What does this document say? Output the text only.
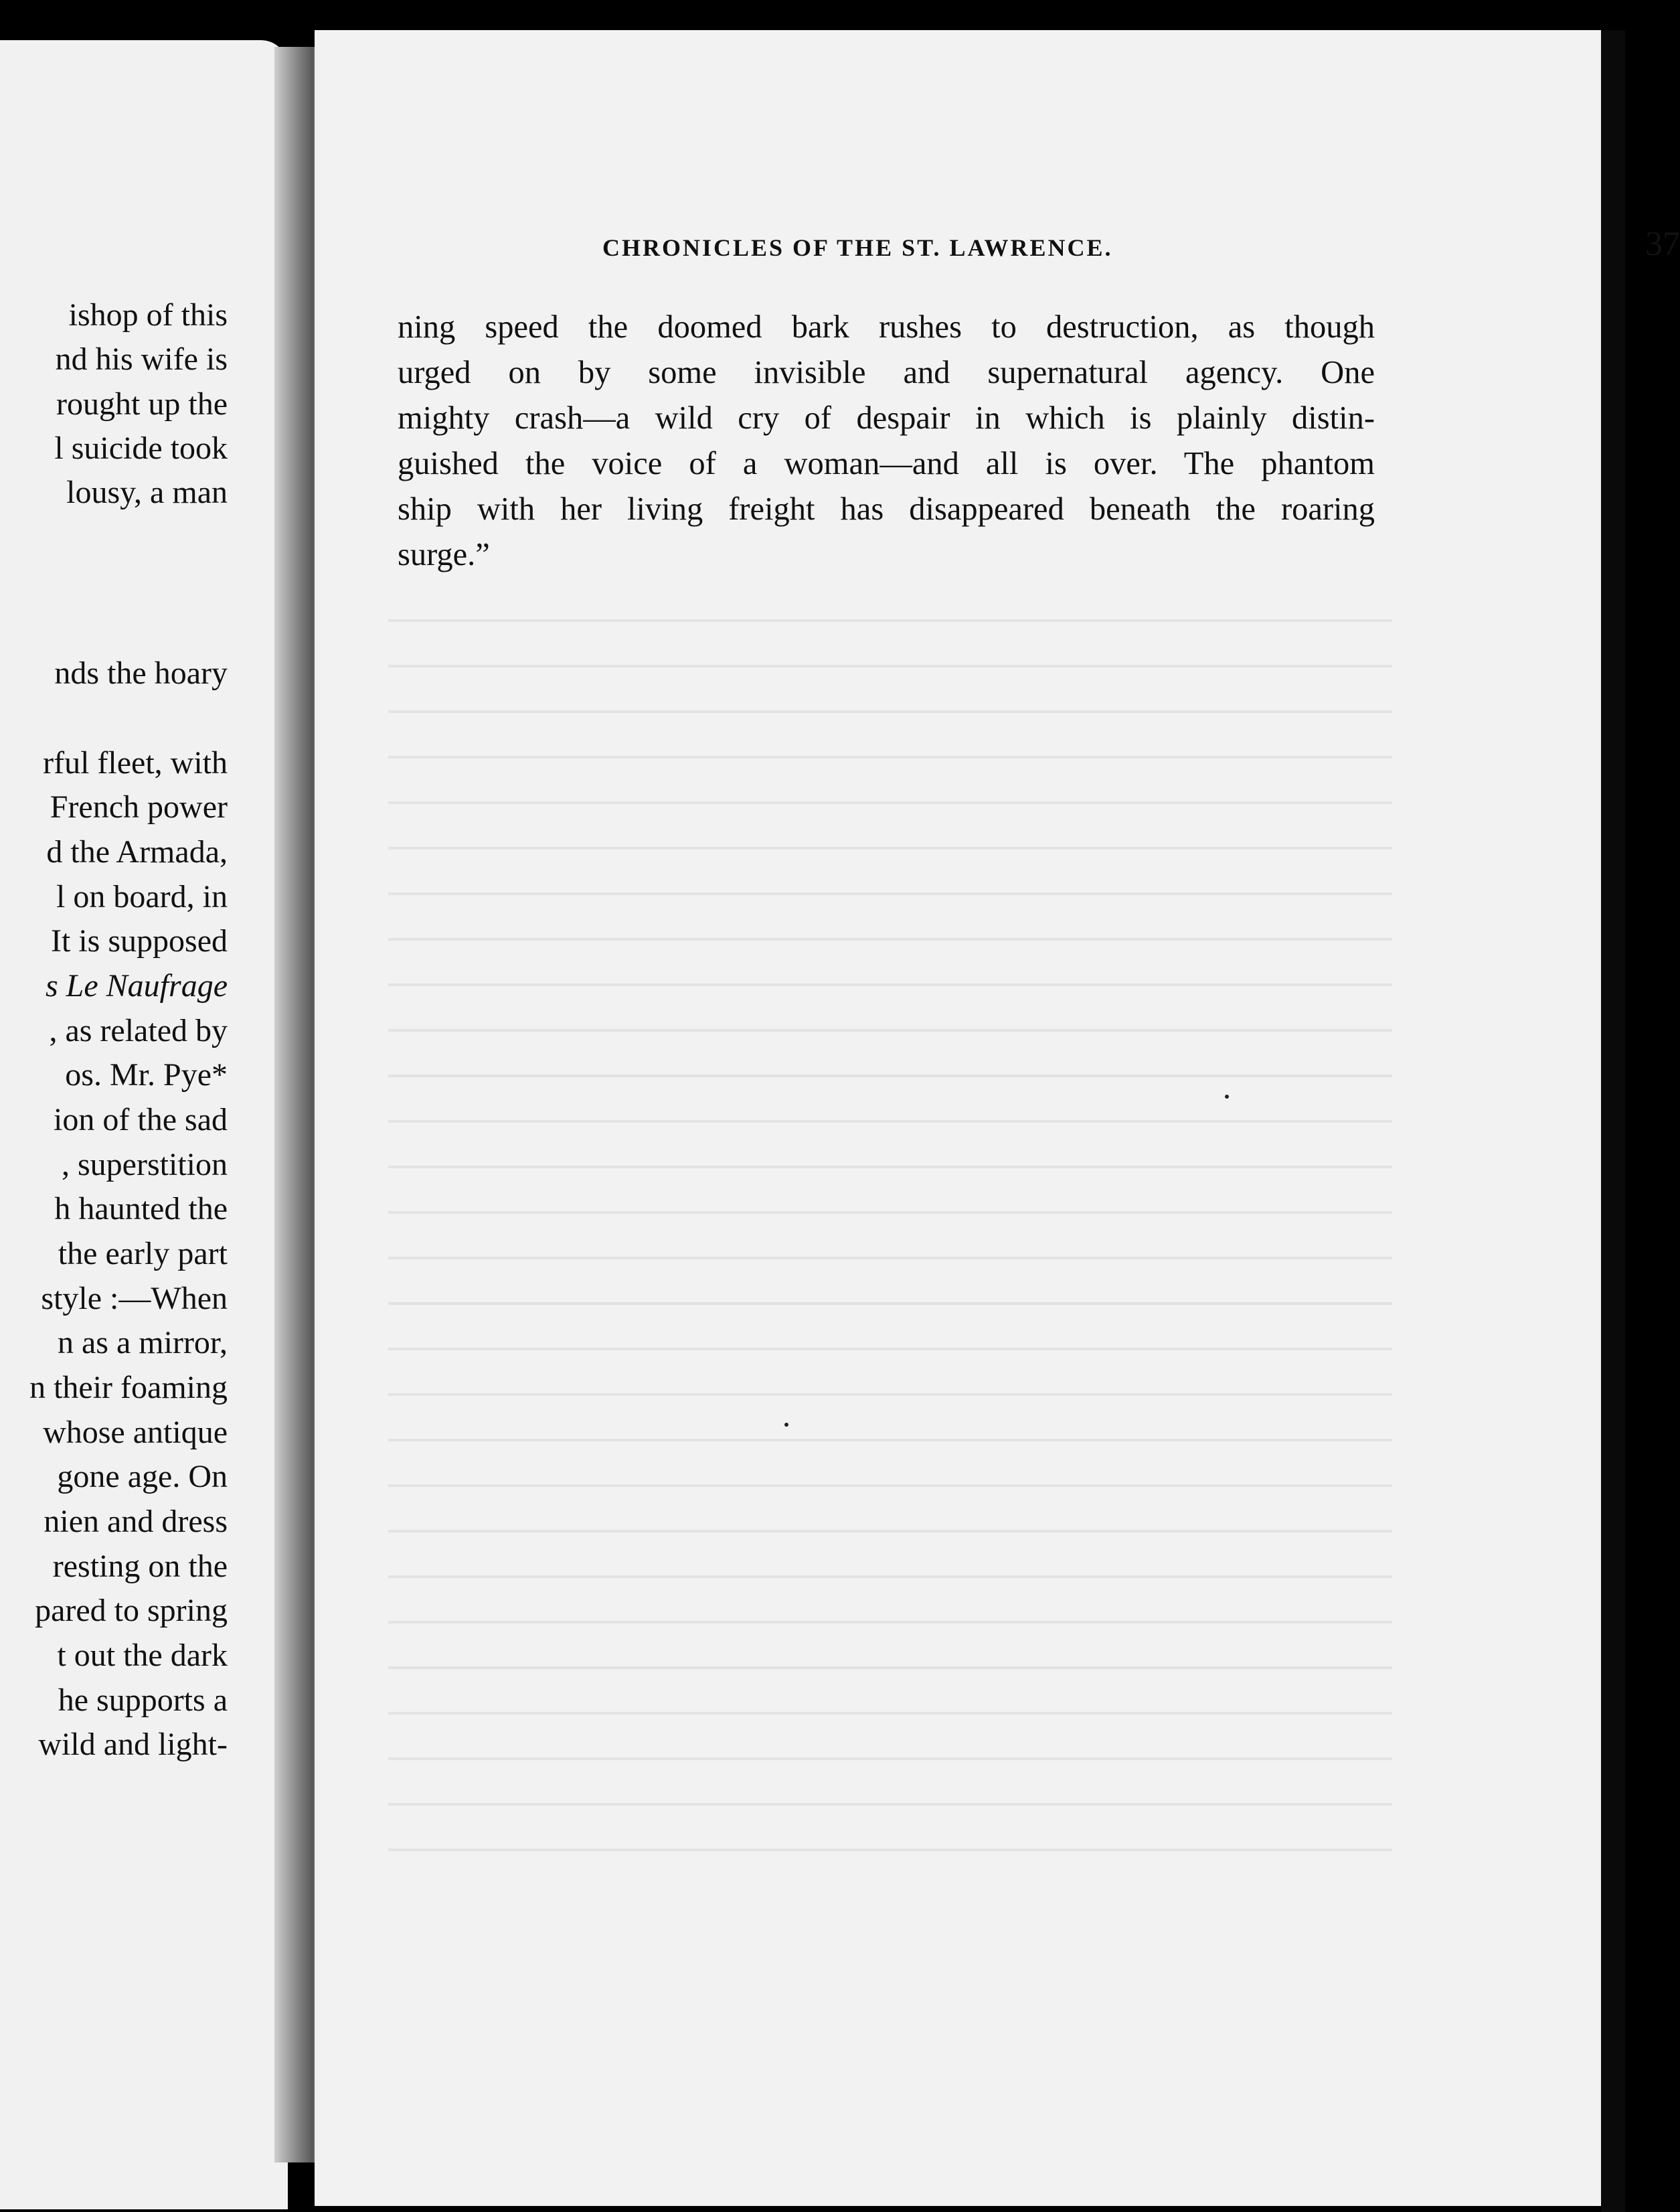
ishop of this
nd his wife is
rought up the
l suicide took
lousy, a man
nds the hoary
rful fleet, with
French power
d the Armada,
l on board, in
It is supposed
s Le Naufrage
, as related by
os. Mr. Pye*
ion of the sad
, superstition
h haunted the
the early part
style :—When
n as a mirror,
n their foaming
whose antique
gone age. On
nien and dress
resting on the
pared to spring
t out the dark
he supports a
wild and light-
CHRONICLES OF THE ST. LAWRENCE.	37
ning speed the doomed bark rushes to destruction, as though
urged on by some invisible and supernatural agency. One
mighty crash—a wild cry of despair in which is plainly distin-
guished the voice of a woman—and all is over. The phantom
ship with her living freight has disappeared beneath the roaring
surge.”
